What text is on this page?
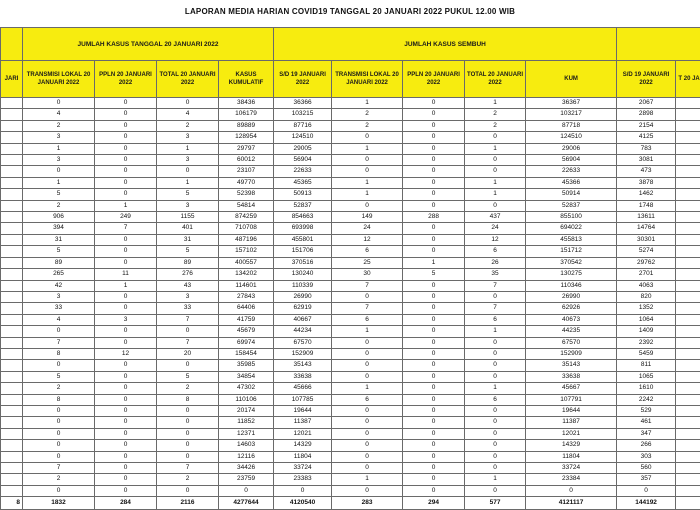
LAPORAN MEDIA HARIAN COVID19 TANGGAL 20 JANUARI 2022 PUKUL 12.00 WIB
	JUMLAH KASUS TANGGAL 20 JANUARI 2022				JUMLAH KASUS SEMBUH						
JARI	TRANSMISI LOKAL 20 JANUARI 2022	PPLN 20 JANUARI 2022	TOTAL 20 JANUARI 2022	KASUS KUMULATIF	S/D 19 JANUARI 2022	TRANSMISI LOKAL 20 JANUARI 2022	PPLN 20 JANUARI 2022	TOTAL 20 JANUARI 2022	KUM	S/D 19 JANUARI 2022	T 20 JA
	0	0	0	38436	36366	1	0	1	36367	2067	
	4	0	4	106179	103215	2	0	2	103217	2898	
	2	0	2	89889	87716	2	0	2	87718	2154	
	3	0	3	128954	124510	0	0	0	124510	4125	
	1	0	1	29797	29005	1	0	1	29006	783	
	3	0	3	60012	56904	0	0	0	56904	3081	
	0	0	0	23107	22633	0	0	0	22633	473	
	1	0	1	49770	45365	1	0	1	45366	3878	
	5	0	5	52398	50913	1	0	1	50914	1462	
	2	1	3	54814	52837	0	0	0	52837	1748	
	906	249	1155	874259	854663	149	288	437	855100	13611	
	394	7	401	710708	693998	24	0	24	694022	14764	
	31	0	31	487196	455801	12	0	12	455813	30301	
	5	0	5	157102	151706	6	0	6	151712	5274	
	89	0	89	400557	370516	25	1	26	370542	29762	
	265	11	276	134202	130240	30	5	35	130275	2701	
	42	1	43	114601	110339	7	0	7	110346	4063	
	3	0	3	27843	26990	0	0	0	26990	820	
	33	0	33	64406	62919	7	0	7	62926	1352	
	4	3	7	41759	40667	6	0	6	40673	1064	
	0	0	0	45679	44234	1	0	1	44235	1409	
	7	0	7	69974	67570	0	0	0	67570	2392	
	8	12	20	158454	152909	0	0	0	152909	5459	
	0	0	0	35985	35143	0	0	0	35143	811	
	5	0	5	34854	33638	0	0	0	33638	1065	
	2	0	2	47302	45666	1	0	1	45667	1610	
	8	0	8	110106	107785	6	0	6	107791	2242	
	0	0	0	20174	19644	0	0	0	19644	529	
	0	0	0	11852	11387	0	0	0	11387	461	
	0	0	0	12371	12021	0	0	0	12021	347	
	0	0	0	14603	14329	0	0	0	14329	266	
	0	0	0	12116	11804	0	0	0	11804	303	
	7	0	7	34426	33724	0	0	0	33724	560	
	2	0	2	23759	23383	1	0	1	23384	357	
	0	0	0	0	0	0	0	0	0	0	
8	1832	284	2116	4277644	4120540	283	294	577	4121117	144192	
